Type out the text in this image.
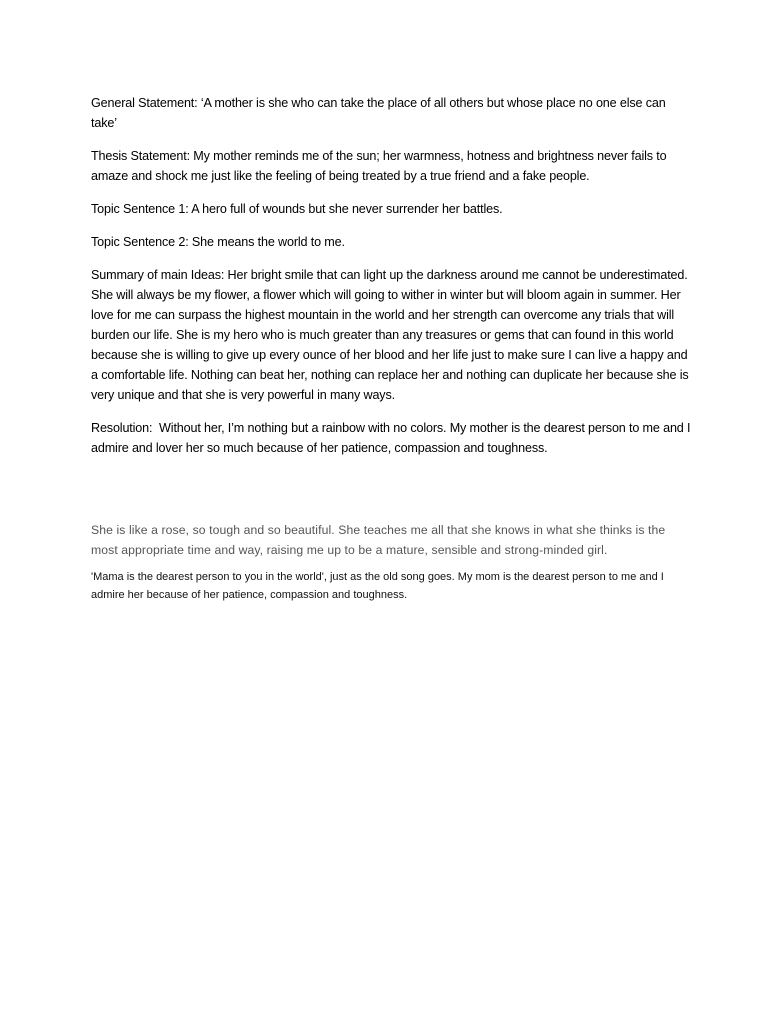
General Statement: ‘A mother is she who can take the place of all others but whose place no one else can take’

Thesis Statement: My mother reminds me of the sun; her warmness, hotness and brightness never fails to amaze and shock me just like the feeling of being treated by a true friend and a fake people.

Topic Sentence 1: A hero full of wounds but she never surrender her battles.

Topic Sentence 2: She means the world to me.

Summary of main Ideas: Her bright smile that can light up the darkness around me cannot be underestimated. She will always be my flower, a flower which will going to wither in winter but will bloom again in summer. Her love for me can surpass the highest mountain in the world and her strength can overcome any trials that will burden our life. She is my hero who is much greater than any treasures or gems that can found in this world because she is willing to give up every ounce of her blood and her life just to make sure I can live a happy and a comfortable life. Nothing can beat her, nothing can replace her and nothing can duplicate her because she is very unique and that she is very powerful in many ways.

Resolution:  Without her, I’m nothing but a rainbow with no colors. My mother is the dearest person to me and I admire and lover her so much because of her patience, compassion and toughness.

She is like a rose, so tough and so beautiful. She teaches me all that she knows in what she thinks is the most appropriate time and way, raising me up to be a mature, sensible and strong-minded girl.

'Mama is the dearest person to you in the world', just as the old song goes. My mom is the dearest person to me and I admire her because of her patience, compassion and toughness.
